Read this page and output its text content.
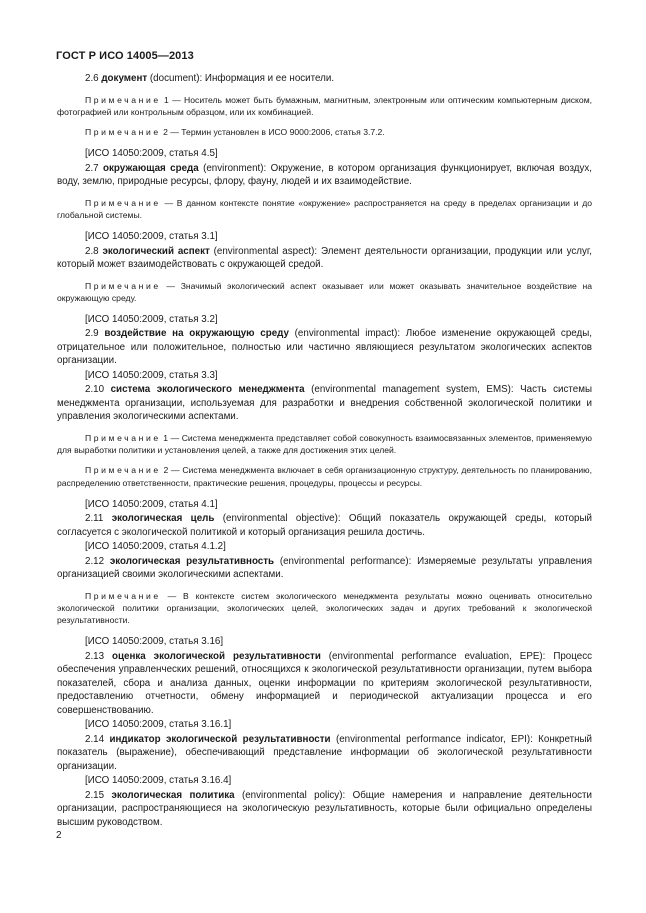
ГОСТ Р ИСО 14005—2013
2.6 документ (document): Информация и ее носители.
Примечание 1 — Носитель может быть бумажным, магнитным, электронным или оптическим компьютерным диском, фотографией или контрольным образцом, или их комбинацией.
Примечание 2 — Термин установлен в ИСО 9000:2006, статья 3.7.2.
[ИСО 14050:2009, статья 4.5]
2.7 окружающая среда (environment): Окружение, в котором организация функционирует, включая воздух, воду, землю, природные ресурсы, флору, фауну, людей и их взаимодействие.
Примечание — В данном контексте понятие «окружение» распространяется на среду в пределах организации и до глобальной системы.
[ИСО 14050:2009, статья 3.1]
2.8 экологический аспект (environmental aspect): Элемент деятельности организации, продукции или услуг, который может взаимодействовать с окружающей средой.
Примечание — Значимый экологический аспект оказывает или может оказывать значительное воздействие на окружающую среду.
[ИСО 14050:2009, статья 3.2]
2.9 воздействие на окружающую среду (environmental impact): Любое изменение окружающей среды, отрицательное или положительное, полностью или частично являющиеся результатом экологических аспектов организации.
[ИСО 14050:2009, статья 3.3]
2.10 система экологического менеджмента (environmental management system, EMS): Часть системы менеджмента организации, используемая для разработки и внедрения собственной экологической политики и управления экологическими аспектами.
Примечание 1 — Система менеджмента представляет собой совокупность взаимосвязанных элементов, применяемую для выработки политики и установления целей, а также для достижения этих целей.
Примечание 2 — Система менеджмента включает в себя организационную структуру, деятельность по планированию, распределению ответственности, практические решения, процедуры, процессы и ресурсы.
[ИСО 14050:2009, статья 4.1]
2.11 экологическая цель (environmental objective): Общий показатель окружающей среды, который согласуется с экологической политикой и который организация решила достичь.
[ИСО 14050:2009, статья 4.1.2]
2.12 экологическая результативность (environmental performance): Измеряемые результаты управления организацией своими экологическими аспектами.
Примечание — В контексте систем экологического менеджмента результаты можно оценивать относительно экологической политики организации, экологических целей, экологических задач и других требований к экологической результативности.
[ИСО 14050:2009, статья 3.16]
2.13 оценка экологической результативности (environmental performance evaluation, EPE): Процесс обеспечения управленческих решений, относящихся к экологической результативности организации, путем выбора показателей, сбора и анализа данных, оценки информации по критериям экологической результативности, предоставлению отчетности, обмену информацией и периодической актуализации процесса и его совершенствованию.
[ИСО 14050:2009, статья 3.16.1]
2.14 индикатор экологической результативности (environmental performance indicator, EPI): Конкретный показатель (выражение), обеспечивающий представление информации об экологической результативности организации.
[ИСО 14050:2009, статья 3.16.4]
2.15 экологическая политика (environmental policy): Общие намерения и направление деятельности организации, распространяющиеся на экологическую результативность, которые были официально определены высшим руководством.
2
